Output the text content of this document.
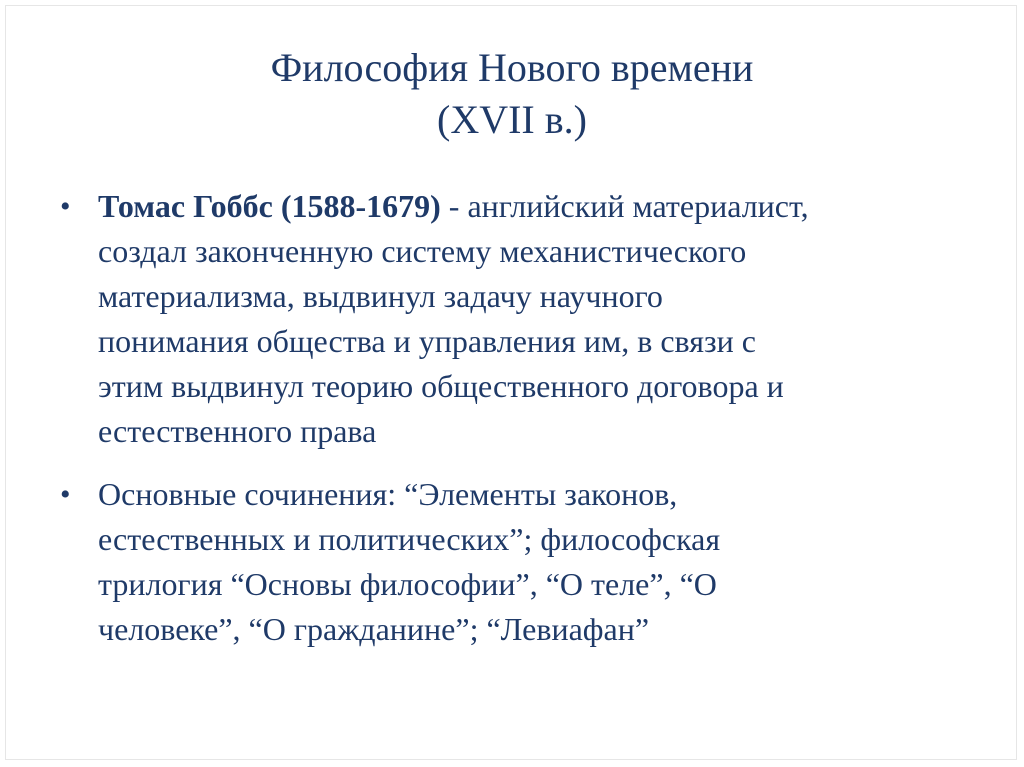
Философия Нового времени
(XVII в.)
• Томас Гоббс (1588-1679) - английский материалист,
создал законченную систему механистического
материализма, выдвинул задачу научного
понимания общества и управления им, в связи с
этим выдвинул теорию общественного договора и
естественного права
• Основные сочинения: “Элементы законов,
естественных и политических”; философская
трилогия “Основы философии”, “О теле”, “О
человеке”, “О гражданине”; “Левиафан”
